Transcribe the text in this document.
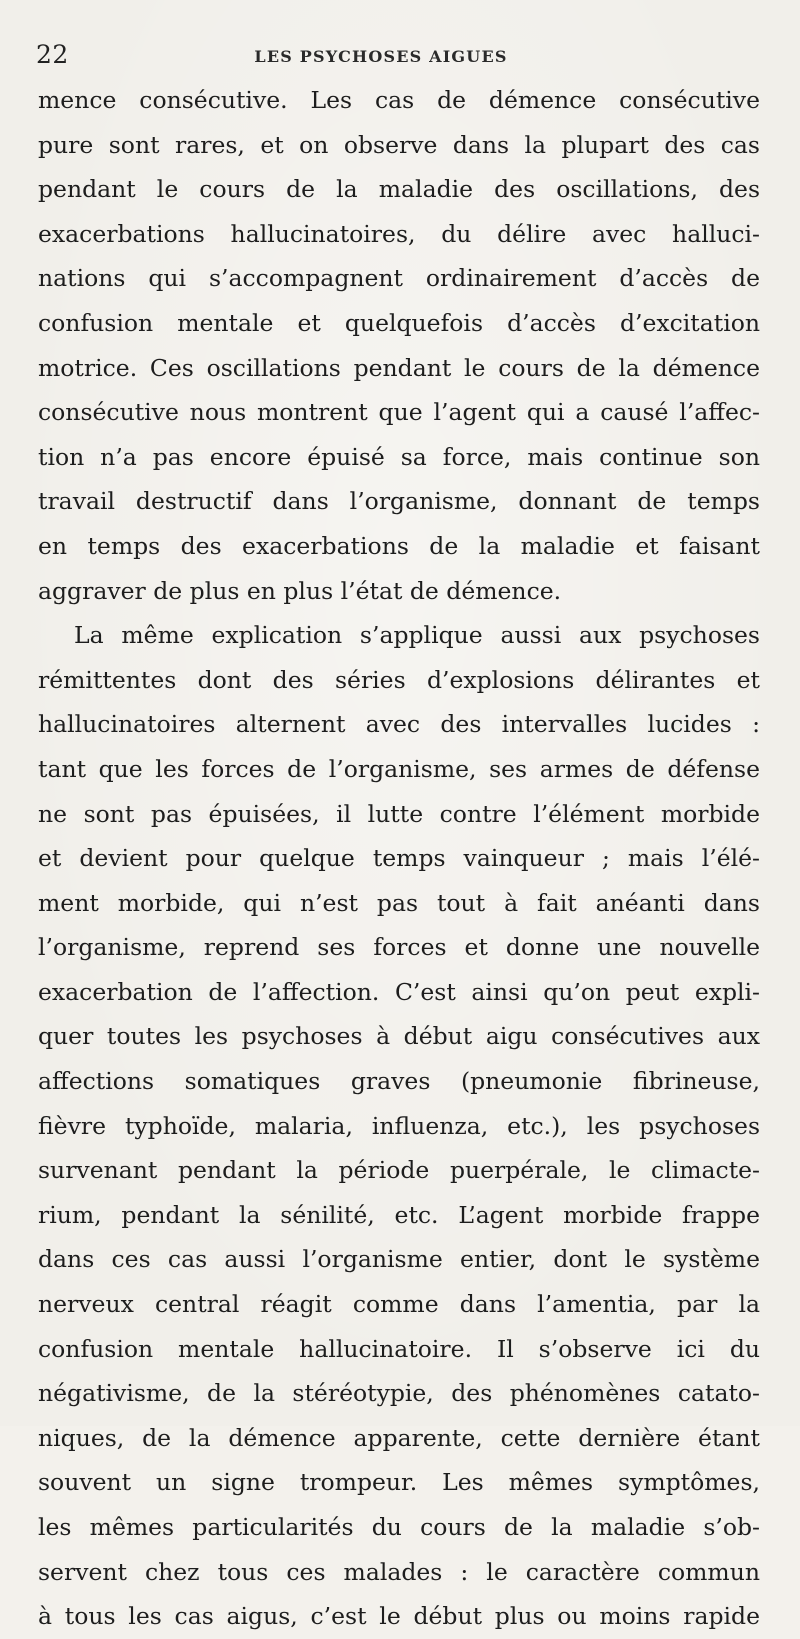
22	LES PSYCHOSES AIGUES
mence consécutive. Les cas de démence consécutive
pure sont rares, et on observe dans la plupart des cas
pendant le cours de la maladie des oscillations, des
exacerbations hallucinatoires, du délire avec halluci-
nations qui s’accompagnent ordinairement d’accès de
confusion mentale et quelquefois d’accès d’excitation
motrice. Ces oscillations pendant le cours de la démence
consécutive nous montrent que l’agent qui a causé l’affec-
tion n’a pas encore épuisé sa force, mais continue son
travail destructif dans l’organisme, donnant de temps
en temps des exacerbations de la maladie et faisant
aggraver de plus en plus l’état de démence.
La même explication s’applique aussi aux psychoses
rémittentes dont des séries d’explosions délirantes et
hallucinatoires alternent avec des intervalles lucides :
tant que les forces de l’organisme, ses armes de défense
ne sont pas épuisées, il lutte contre l’élément morbide
et devient pour quelque temps vainqueur ; mais l’élé-
ment morbide, qui n’est pas tout à fait anéanti dans
l’organisme, reprend ses forces et donne une nouvelle
exacerbation de l’affection. C’est ainsi qu’on peut expli-
quer toutes les psychoses à début aigu consécutives aux
affections somatiques graves (pneumonie fibrineuse,
fièvre typhoïde, malaria, influenza, etc.), les psychoses
survenant pendant la période puerpérale, le climacte-
rium, pendant la sénilité, etc. L’agent morbide frappe
dans ces cas aussi l’organisme entier, dont le système
nerveux central réagit comme dans l’amentia, par la
confusion mentale hallucinatoire. Il s’observe ici du
négativisme, de la stéréotypie, des phénomènes catato-
niques, de la démence apparente, cette dernière étant
souvent un signe trompeur. Les mêmes symptômes,
les mêmes particularités du cours de la maladie s’ob-
servent chez tous ces malades : le caractère commun
à tous les cas aigus, c’est le début plus ou moins rapide
